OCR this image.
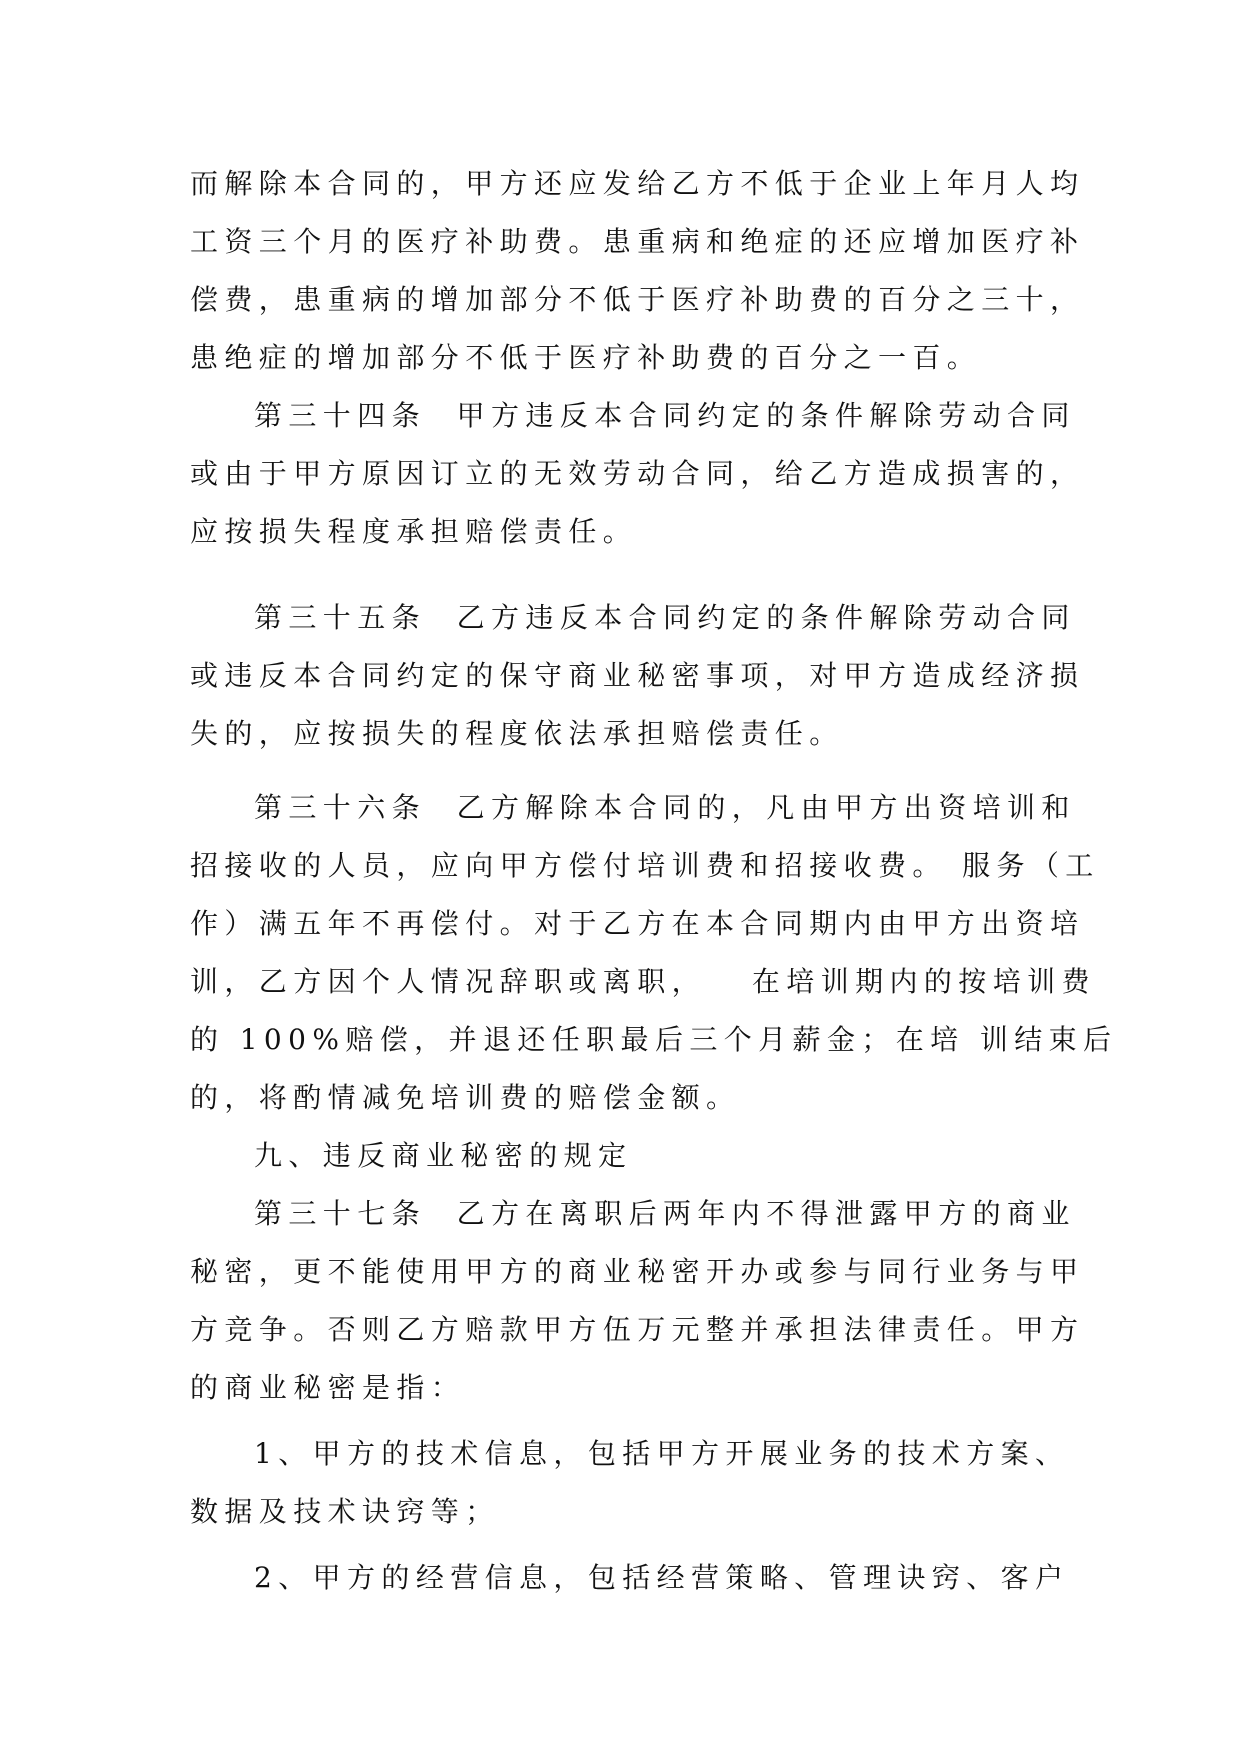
而解除本合同的，甲方还应发给乙方不低于企业上年月人均
工资三个月的医疗补助费。患重病和绝症的还应增加医疗补
偿费，患重病的增加部分不低于医疗补助费的百分之三十，
患绝症的增加部分不低于医疗补助费的百分之一百。
第三十四条  甲方违反本合同约定的条件解除劳动合同
或由于甲方原因订立的无效劳动合同，给乙方造成损害的，
应按损失程度承担赔偿责任。
第三十五条  乙方违反本合同约定的条件解除劳动合同
或违反本合同约定的保守商业秘密事项，对甲方造成经济损
失的，应按损失的程度依法承担赔偿责任。
第三十六条  乙方解除本合同的，凡由甲方出资培训和
招接收的人员，应向甲方偿付培训费和招接收费。 服务（工
作）满五年不再偿付。对于乙方在本合同期内由甲方出资培
训，乙方因个人情况辞职或离职，   在培训期内的按培训费
的 100%赔偿，并退还任职最后三个月薪金；在培 训结束后
的，将酌情减免培训费的赔偿金额。
九、违反商业秘密的规定
第三十七条  乙方在离职后两年内不得泄露甲方的商业
秘密，更不能使用甲方的商业秘密开办或参与同行业务与甲
方竞争。否则乙方赔款甲方伍万元整并承担法律责任。甲方
的商业秘密是指：
1、甲方的技术信息，包括甲方开展业务的技术方案、
数据及技术诀窍等；
2、甲方的经营信息，包括经营策略、管理诀窍、客户
